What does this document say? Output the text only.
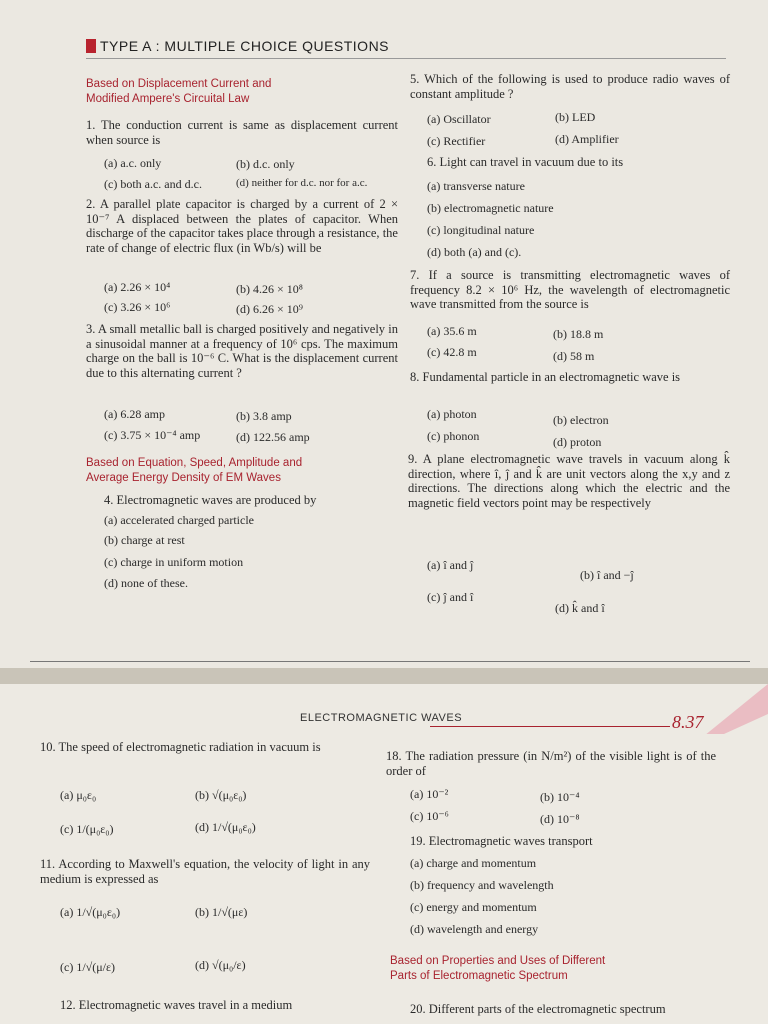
TYPE A : MULTIPLE CHOICE QUESTIONS
Based on Displacement Current and
Modified Ampere's Circuital Law
1. The conduction current is same as displacement current when source is
(a) a.c. only	(b) d.c. only
(c) both a.c. and d.c.	(d) neither for d.c. nor for a.c.
2. A parallel plate capacitor is charged by a current of 2 × 10⁻⁷ A displaced between the plates of capacitor. When discharge of the capacitor takes place through a resistance, the rate of change of electric flux (in Wb/s) will be
(a) 2.26 × 10⁴	(b) 4.26 × 10⁸
(c) 3.26 × 10⁶	(d) 6.26 × 10⁹
3. A small metallic ball is charged positively and negatively in a sinusoidal manner at a frequency of 10⁶ cps. The maximum charge on the ball is 10⁻⁶ C. What is the displacement current due to this alternating current ?
(a) 6.28 amp	(b) 3.8 amp
(c) 3.75 × 10⁻⁴ amp	(d) 122.56 amp
Based on Equation, Speed, Amplitude and
Average Energy Density of EM Waves
4. Electromagnetic waves are produced by
(a) accelerated charged particle
(b) charge at rest
(c) charge in uniform motion
(d) none of these.
5. Which of the following is used to produce radio waves of constant amplitude ?
(a) Oscillator	(b) LED
(c) Rectifier	(d) Amplifier
6. Light can travel in vacuum due to its
(a) transverse nature
(b) electromagnetic nature
(c) longitudinal nature
(d) both (a) and (c).
7. If a source is transmitting electromagnetic waves of frequency 8.2 × 10⁶ Hz, the wavelength of electromagnetic wave transmitted from the source is
(a) 35.6 m	(b) 18.8 m
(c) 42.8 m	(d) 58 m
8. Fundamental particle in an electromagnetic wave is
(a) photon	(b) electron
(c) phonon	(d) proton
9. A plane electromagnetic wave travels in vacuum along k̂ direction, where î, ĵ and k̂ are unit vectors along the x,y and z directions. The directions along which the electric and the magnetic field vectors point may be respectively
(a) î and ĵ
(b) î and −ĵ
(c) ĵ and î
(d) k̂ and î
ELECTROMAGNETIC WAVES	8.37
10. The speed of electromagnetic radiation in vacuum is
(a) μ₀ε₀	(b) √(μ₀ε₀)
(c) 1/(μ₀ε₀)	(d) 1/√(μ₀ε₀)
11. According to Maxwell's equation, the velocity of light in any medium is expressed as
(a) 1/√(μ₀ε₀)	(b) 1/√(με)
(c) 1/√(μ/ε)	(d) √(μ₀/ε)
12. Electromagnetic waves travel in a medium
18. The radiation pressure (in N/m²) of the visible light is of the order of
(a) 10⁻²	(b) 10⁻⁴
(c) 10⁻⁶	(d) 10⁻⁸
19. Electromagnetic waves transport
(a) charge and momentum
(b) frequency and wavelength
(c) energy and momentum
(d) wavelength and energy
Based on Properties and Uses of Different
Parts of Electromagnetic Spectrum
20. Different parts of the electromagnetic spectrum
